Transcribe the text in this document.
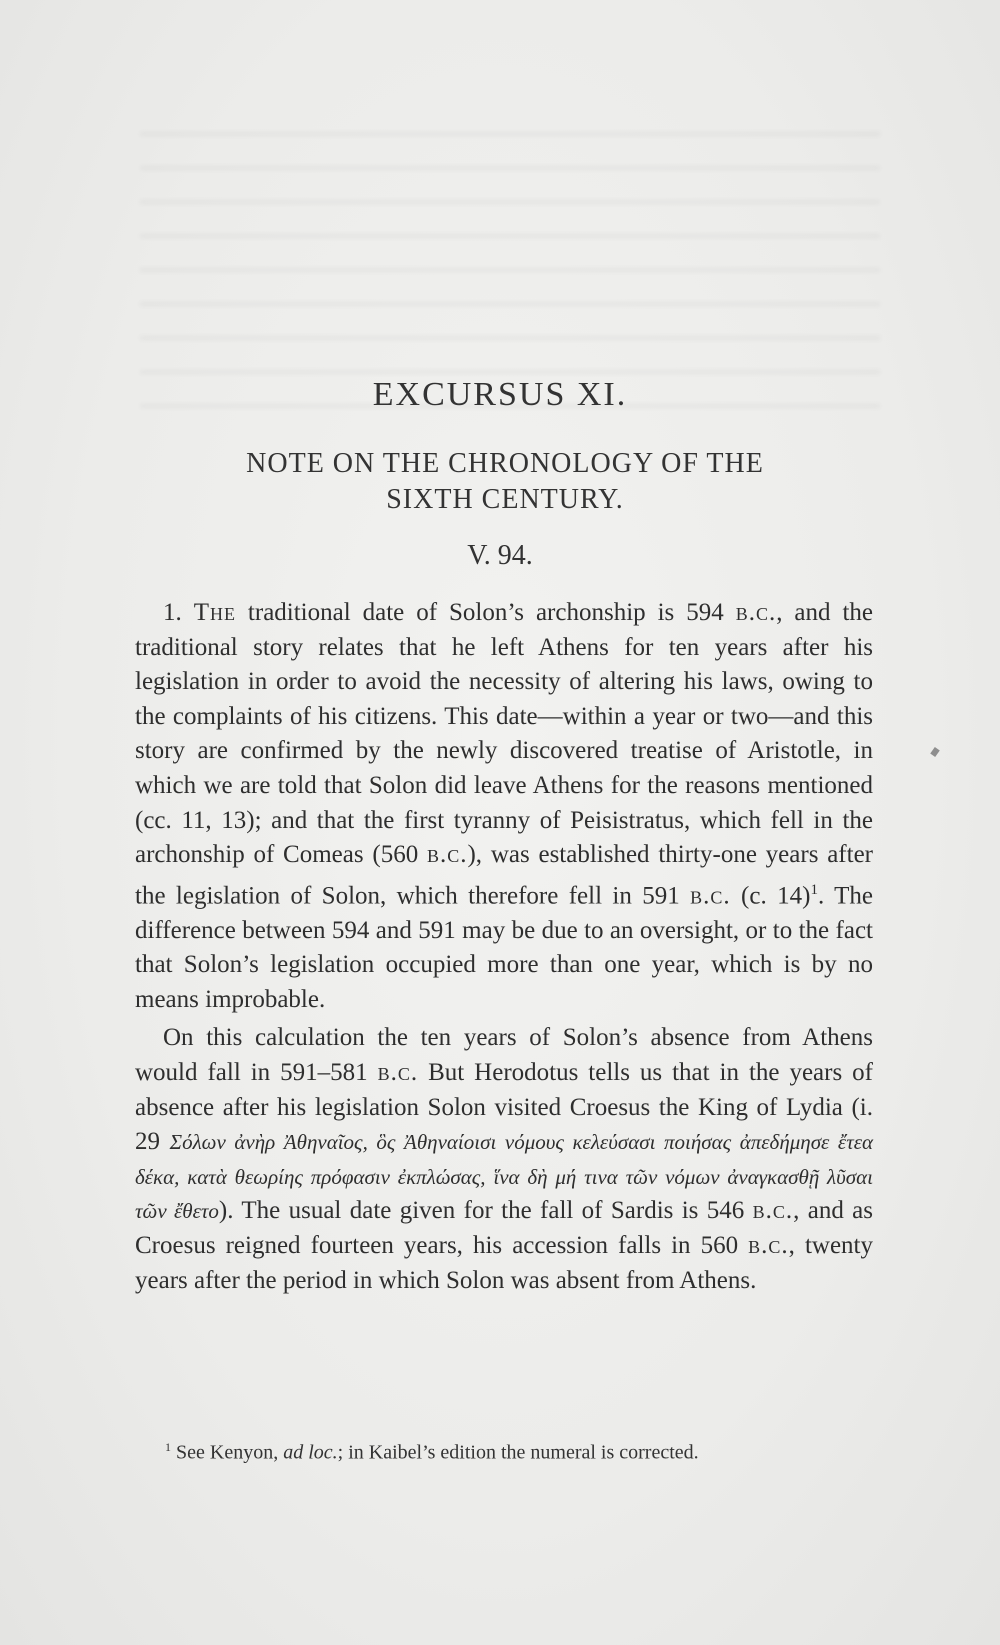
EXCURSUS XI.
NOTE ON THE CHRONOLOGY OF THE
SIXTH CENTURY.
V. 94.

1. The traditional date of Solon’s archonship is 594 b.c., and the traditional story relates that he left Athens for ten years after his legislation in order to avoid the necessity of altering his laws, owing to the complaints of his citizens. This date—within a year or two—and this story are confirmed by the newly discovered treatise of Aristotle, in which we are told that Solon did leave Athens for the reasons mentioned (cc. 11, 13); and that the first tyranny of Peisistratus, which fell in the archonship of Comeas (560 b.c.), was established thirty-one years after the legislation of Solon, which therefore fell in 591 b.c. (c. 14)$^1$. The difference between 594 and 591 may be due to an oversight, or to the fact that Solon’s legislation occupied more than one year, which is by no means improbable.

On this calculation the ten years of Solon’s absence from Athens would fall in 591–581 b.c. But Herodotus tells us that in the years of absence after his legislation Solon visited Croesus the King of Lydia (i. 29 Σόλων ἀνὴρ Ἀθηναῖος, ὃς Ἀθηναίοισι νόμους κελεύσασι ποιήσας ἀπεδήμησε ἔτεα δέκα, κατὰ θεωρίης πρόφασιν ἐκπλώσας, ἵνα δὴ μή τινα τῶν νόμων ἀναγκασθῇ λῦσαι τῶν ἔθετο). The usual date given for the fall of Sardis is 546 b.c., and as Croesus reigned fourteen years, his accession falls in 560 b.c., twenty years after the period in which Solon was absent from Athens.

$^1$ See Kenyon, ad loc.; in Kaibel’s edition the numeral is corrected.
